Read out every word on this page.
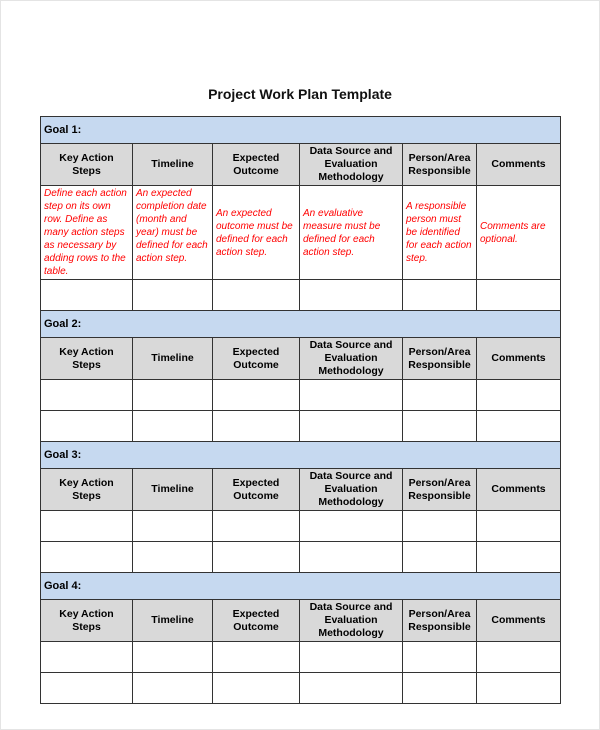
Project Work Plan Template
Goal 1:					

Key Action Steps	Timeline	Expected Outcome	Data Source and Evaluation Methodology	Person/Area Responsible	Comments

Define each action step on its own row. Define as many action steps as necessary by adding rows to the table.	An expected completion date (month and year) must be defined for each action step.	An expected outcome must be defined for each action step.	An evaluative measure must be defined for each action step.	A responsible person must be identified for each action step.	Comments are optional.

Goal 2:					

Key Action Steps	Timeline	Expected Outcome	Data Source and Evaluation Methodology	Person/Area Responsible	Comments

Goal 3:					

Key Action Steps	Timeline	Expected Outcome	Data Source and Evaluation Methodology	Person/Area Responsible	Comments

Goal 4:					

Key Action Steps	Timeline	Expected Outcome	Data Source and Evaluation Methodology	Person/Area Responsible	Comments
